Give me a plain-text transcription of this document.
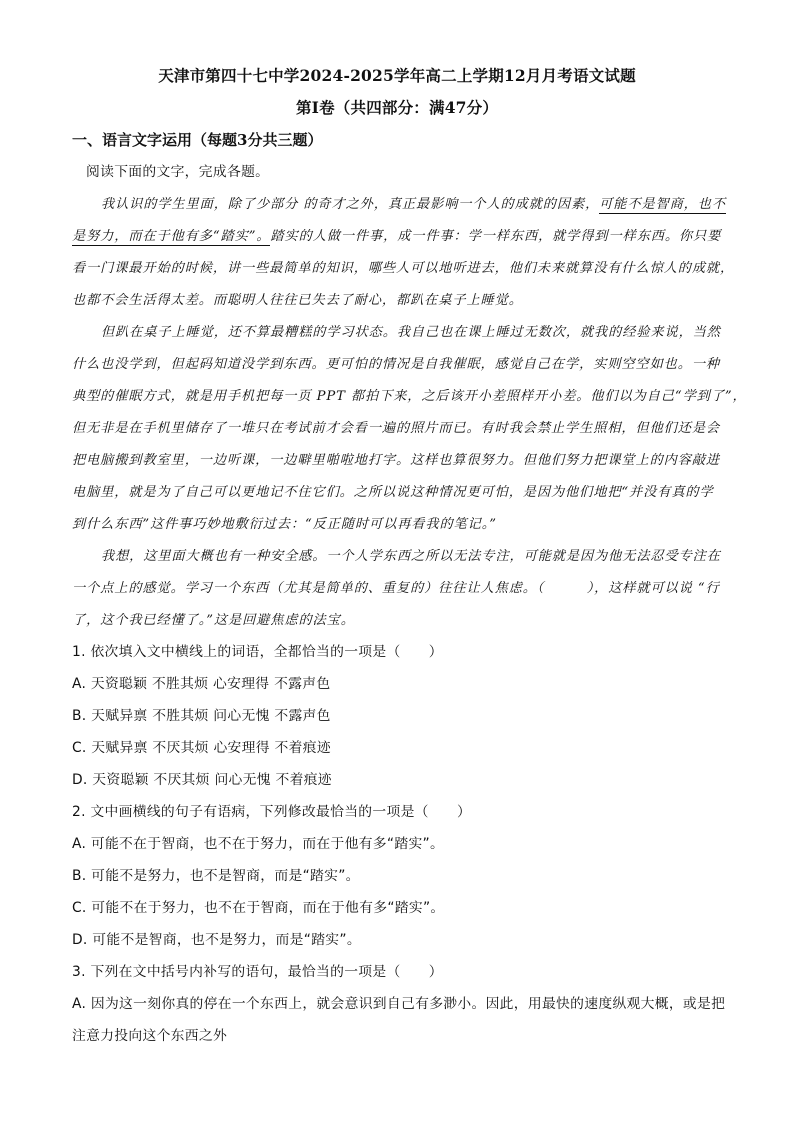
天津市第四十七中学2024-2025学年高二上学期12月月考语文试题
第Ⅰ卷（共四部分：满47分）
一、语言文字运用（每题3分共三题）
阅读下面的文字，完成各题。
我认识的学生里面，除了少部分 的奇才之外，真正最影响一个人的成就的因素，可能不是智商，也不
是努力，而在于他有多“踏实”。踏实的人做一件事，成一件事：学一样东西，就学得到一样东西。你只要
看一门课最开始的时候，讲一些最简单的知识，哪些人可以地听进去，他们未来就算没有什么惊人的成就，
也都不会生活得太差。而聪明人往往已失去了耐心，都趴在桌子上睡觉。
但趴在桌子上睡觉，还不算最糟糕的学习状态。我自己也在课上睡过无数次，就我的经验来说，当然
什么也没学到，但起码知道没学到东西。更可怕的情况是自我催眠，感觉自己在学，实则空空如也。一种
典型的催眠方式，就是用手机把每一页 PPT 都拍下来，之后该开小差照样开小差。他们以为自己“学到了”，
但无非是在手机里储存了一堆只在考试前才会看一遍的照片而已。有时我会禁止学生照相，但他们还是会
把电脑搬到教室里，一边听课，一边噼里啪啦地打字。这样也算很努力。但他们努力把课堂上的内容敲进
电脑里，就是为了自己可以更地记不住它们。之所以说这种情况更可怕，是因为他们地把“并没有真的学
到什么东西”这件事巧妙地敷衍过去：“反正随时可以再看我的笔记。”
我想，这里面大概也有一种安全感。一个人学东西之所以无法专注，可能就是因为他无法忍受专注在
一个点上的感觉。学习一个东西（尤其是简单的、重复的）往往让人焦虑。（　　　），这样就可以说 “行
了，这个我已经懂了。”这是回避焦虑的法宝。
1. 依次填入文中横线上的词语，全都恰当的一项是（　　）
A. 天资聪颖 不胜其烦 心安理得 不露声色
B. 天赋异禀 不胜其烦 问心无愧 不露声色
C. 天赋异禀 不厌其烦 心安理得 不着痕迹
D. 天资聪颖 不厌其烦 问心无愧 不着痕迹
2. 文中画横线的句子有语病，下列修改最恰当的一项是（　　）
A. 可能不在于智商，也不在于努力，而在于他有多“踏实”。
B. 可能不是努力，也不是智商，而是“踏实”。
C. 可能不在于努力，也不在于智商，而在于他有多“踏实”。
D. 可能不是智商，也不是努力，而是“踏实”。
3. 下列在文中括号内补写的语句，最恰当的一项是（　　）
A. 因为这一刻你真的停在一个东西上，就会意识到自己有多渺小。因此，用最快的速度纵观大概，或是把
注意力投向这个东西之外
